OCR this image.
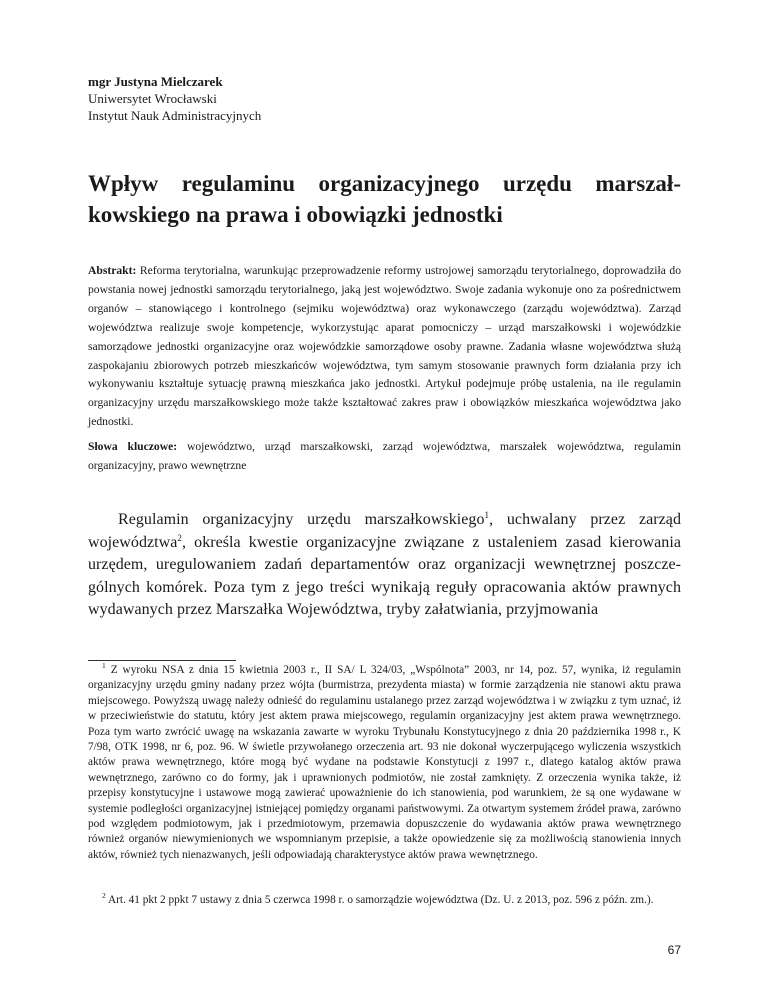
mgr Justyna Mielczarek
Uniwersytet Wrocławski
Instytut Nauk Administracyjnych
Wpływ regulaminu organizacyjnego urzędu marszałkowskiego na prawa i obowiązki jednostki

Abstrakt: Reforma terytorialna, warunkując przeprowadzenie reformy ustrojowej samorządu terytorialnego, doprowadziła do powstania nowej jednostki samorządu terytorialnego, jaką jest województwo. Swoje zadania wykonuje ono za pośrednictwem organów – stanowiącego i kontrolnego (sejmiku województwa) oraz wykonawczego (zarządu województwa). Zarząd województwa realizuje swoje kompetencje, wykorzystując aparat pomocniczy – urząd marszałkowski i wojewódzkie samorządowe jednostki organizacyjne oraz wojewódzkie samorządowe osoby prawne. Zadania własne województwa służą zaspokajaniu zbiorowych potrzeb mieszkańców województwa, tym samym stosowanie prawnych form działania przy ich wykonywaniu kształtuje sytuację prawną mieszkańca jako jednostki. Artykuł podejmuje próbę ustalenia, na ile regulamin organizacyjny urzędu marszałkowskiego może także kształtować zakres praw i obowiązków mieszkańca województwa jako jednostki.

Słowa kluczowe: województwo, urząd marszałkowski, zarząd województwa, marszałek województwa, regulamin organizacyjny, prawo wewnętrzne

Regulamin organizacyjny urzędu marszałkowskiego$^1$, uchwalany przez zarząd województwa$^2$, określa kwestie organizacyjne związane z ustaleniem zasad kierowania urzędem, uregulowaniem zadań departamentów oraz organizacji wewnętrznej poszczególnych komórek. Poza tym z jego treści wynikają reguły opracowania aktów prawnych wydawanych przez Marszałka Województwa, tryby załatwiania, przyjmowania

$^1$ Z wyroku NSA z dnia 15 kwietnia 2003 r., II SA/ L 324/03, „Wspólnota” 2003, nr 14, poz. 57, wynika, iż regulamin organizacyjny urzędu gminy nadany przez wójta (burmistrza, prezydenta miasta) w formie zarządzenia nie stanowi aktu prawa miejscowego. Powyższą uwagę należy odnieść do regulaminu ustalanego przez zarząd województwa i w związku z tym uznać, iż w przeciwieństwie do statutu, który jest aktem prawa miejscowego, regulamin organizacyjny jest aktem prawa wewnętrznego. Poza tym warto zwrócić uwagę na wskazania zawarte w wyroku Trybunału Konstytucyjnego z dnia 20 października 1998 r., K 7/98, OTK 1998, nr 6, poz. 96. W świetle przywołanego orzeczenia art. 93 nie dokonał wyczerpującego wyliczenia wszystkich aktów prawa wewnętrznego, które mogą być wydane na podstawie Konstytucji z 1997 r., dlatego katalog aktów prawa wewnętrznego, zarówno co do formy, jak i uprawnionych podmiotów, nie został zamknięty. Z orzeczenia wynika także, iż przepisy konstytucyjne i ustawowe mogą zawierać upoważnienie do ich stanowienia, pod warunkiem, że są one wydawane w systemie podległości organizacyjnej istniejącej pomiędzy organami państwowymi. Za otwartym systemem źródeł prawa, zarówno pod względem podmiotowym, jak i przedmiotowym, przemawia dopuszczenie do wydawania aktów prawa wewnętrznego również organów niewymienionych we wspomnianym przepisie, a także opowiedzenie się za możliwością stanowienia innych aktów, również tych nienazwanych, jeśli odpowiadają charakterystyce aktów prawa wewnętrznego.

$^2$ Art. 41 pkt 2 ppkt 7 ustawy z dnia 5 czerwca 1998 r. o samorządzie województwa (Dz. U. z 2013, poz. 596 z późn. zm.).

67
